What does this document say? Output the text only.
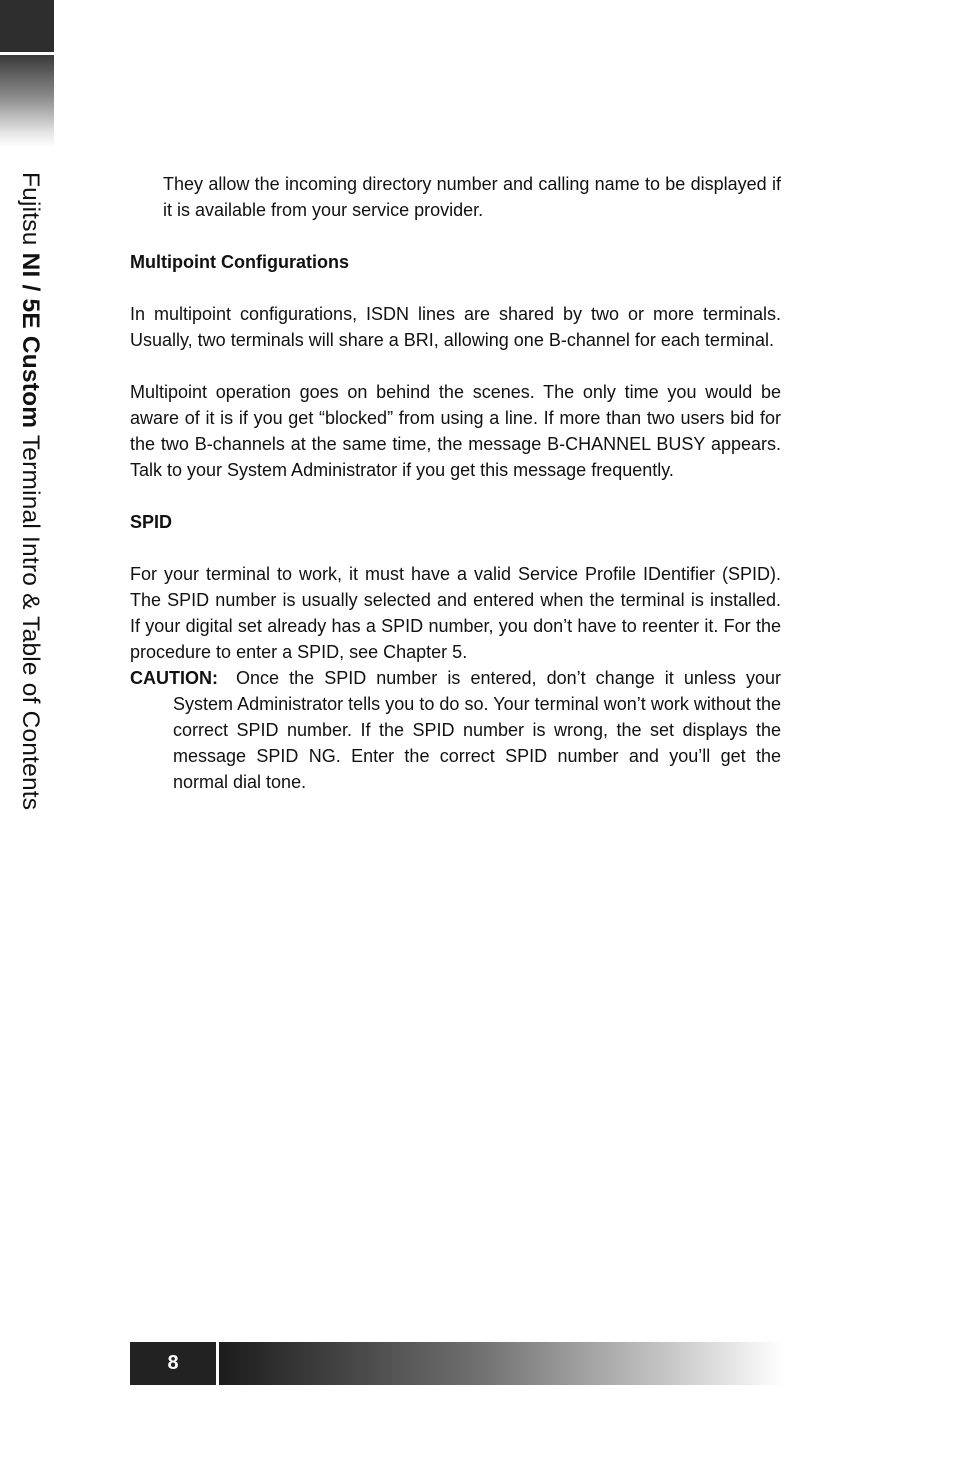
Fujitsu NI / 5E Custom Terminal Intro & Table of Contents

They allow the incoming directory number and calling name to be displayed if it is available from your service provider.

Multipoint Configurations

In multipoint configurations, ISDN lines are shared by two or more terminals. Usually, two terminals will share a BRI, allowing one B-channel for each terminal.

Multipoint operation goes on behind the scenes. The only time you would be aware of it is if you get “blocked” from using a line. If more than two users bid for the two B-channels at the same time, the message B-CHANNEL BUSY appears. Talk to your System Administrator if you get this message frequently.

SPID

For your terminal to work, it must have a valid Service Profile IDentifier (SPID). The SPID number is usually selected and entered when the terminal is installed. If your digital set already has a SPID number, you don’t have to reenter it. For the procedure to enter a SPID, see Chapter 5.

CAUTION: Once the SPID number is entered, don’t change it unless your System Administrator tells you to do so. Your terminal won’t work without the correct SPID number. If the SPID number is wrong, the set displays the message SPID NG. Enter the correct SPID number and you’ll get the normal dial tone.

8
